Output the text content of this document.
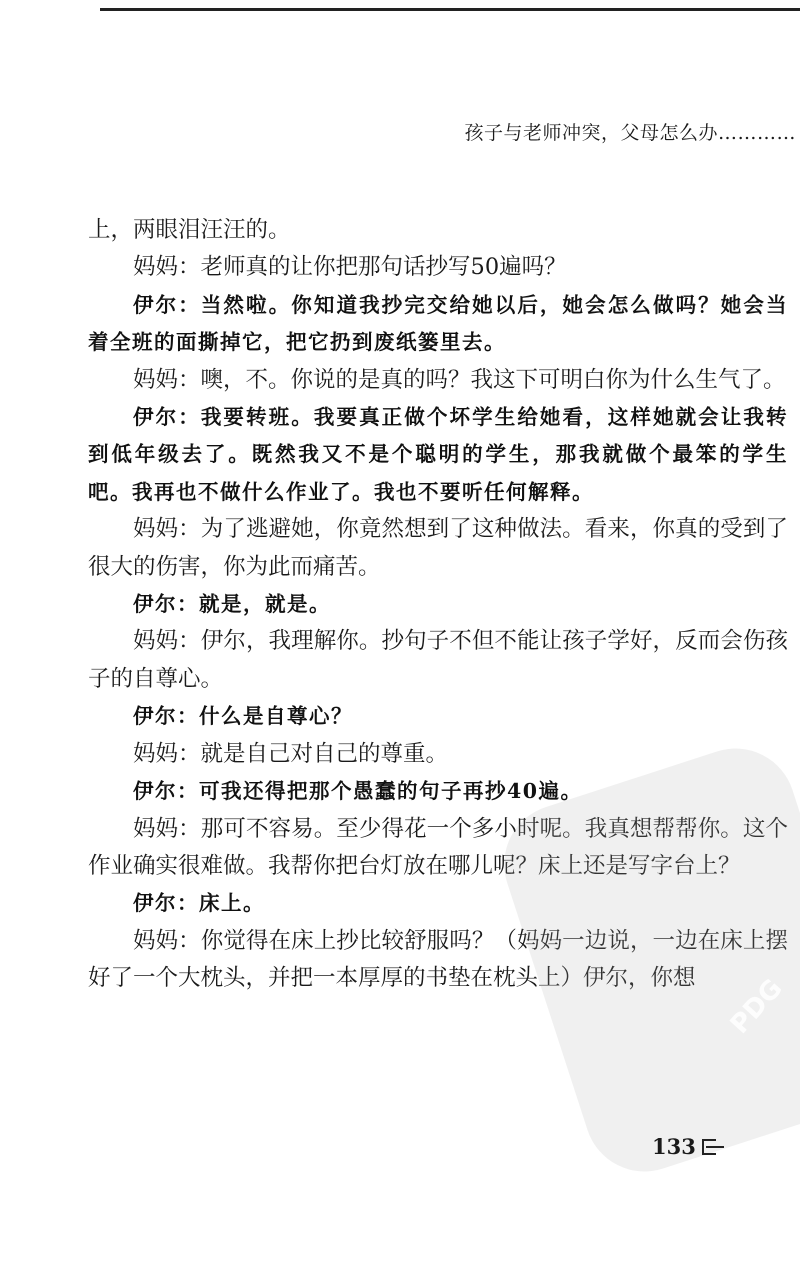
孩子与老师冲突，父母怎么办…………

上，两眼泪汪汪的。

妈妈：老师真的让你把那句话抄写50遍吗？

伊尔：当然啦。你知道我抄完交给她以后，她会怎么做吗？她会当着全班的面撕掉它，把它扔到废纸篓里去。

妈妈：噢，不。你说的是真的吗？我这下可明白你为什么生气了。

伊尔：我要转班。我要真正做个坏学生给她看，这样她就会让我转到低年级去了。既然我又不是个聪明的学生，那我就做个最笨的学生吧。我再也不做什么作业了。我也不要听任何解释。

妈妈：为了逃避她，你竟然想到了这种做法。看来，你真的受到了很大的伤害，你为此而痛苦。

伊尔：就是，就是。

妈妈：伊尔，我理解你。抄句子不但不能让孩子学好，反而会伤孩子的自尊心。

伊尔：什么是自尊心？

妈妈：就是自己对自己的尊重。

伊尔：可我还得把那个愚蠢的句子再抄40遍。

妈妈：那可不容易。至少得花一个多小时呢。我真想帮帮你。这个作业确实很难做。我帮你把台灯放在哪儿呢？床上还是写字台上？

伊尔：床上。

妈妈：你觉得在床上抄比较舒服吗？（妈妈一边说，一边在床上摆好了一个大枕头，并把一本厚厚的书垫在枕头上）伊尔，你想	PDG
133
